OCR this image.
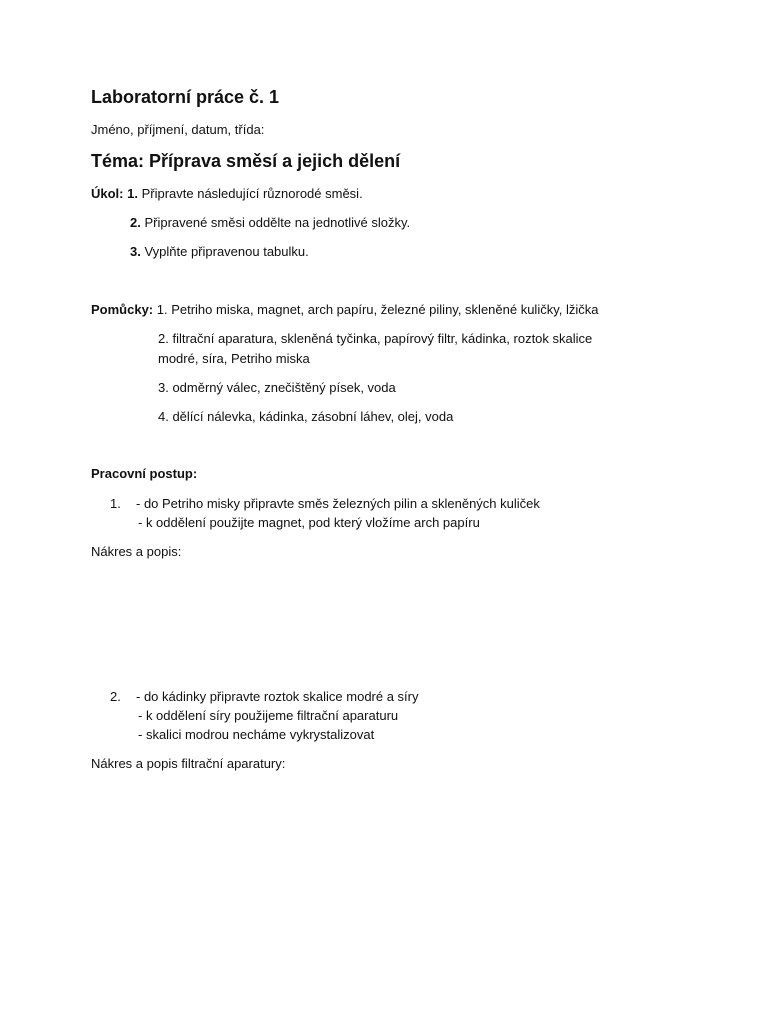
Laboratorní práce č. 1
Jméno, příjmení, datum, třída:
Téma: Příprava směsí a jejich dělení
Úkol: 1. Připravte následující různorodé směsi.
2. Připravené směsi oddělte na jednotlivé složky.
3. Vyplňte připravenou tabulku.
Pomůcky: 1. Petriho miska, magnet, arch papíru, železné piliny, skleněné kuličky, lžička
2. filtrační aparatura, skleněná tyčinka, papírový filtr, kádinka, roztok skalice
modré, síra, Petriho miska
3. odměrný válec, znečištěný písek, voda
4. dělící nálevka, kádinka, zásobní láhev, olej, voda
Pracovní postup:
1. - do Petriho misky připravte směs železných pilin a skleněných kuliček
- k oddělení použijte magnet, pod který vložíme arch papíru
Nákres a popis:
2. - do kádinky připravte roztok skalice modré a síry
- k oddělení síry použijeme filtrační aparaturu
- skalici modrou necháme vykrystalizovat
Nákres a popis filtrační aparatury:
